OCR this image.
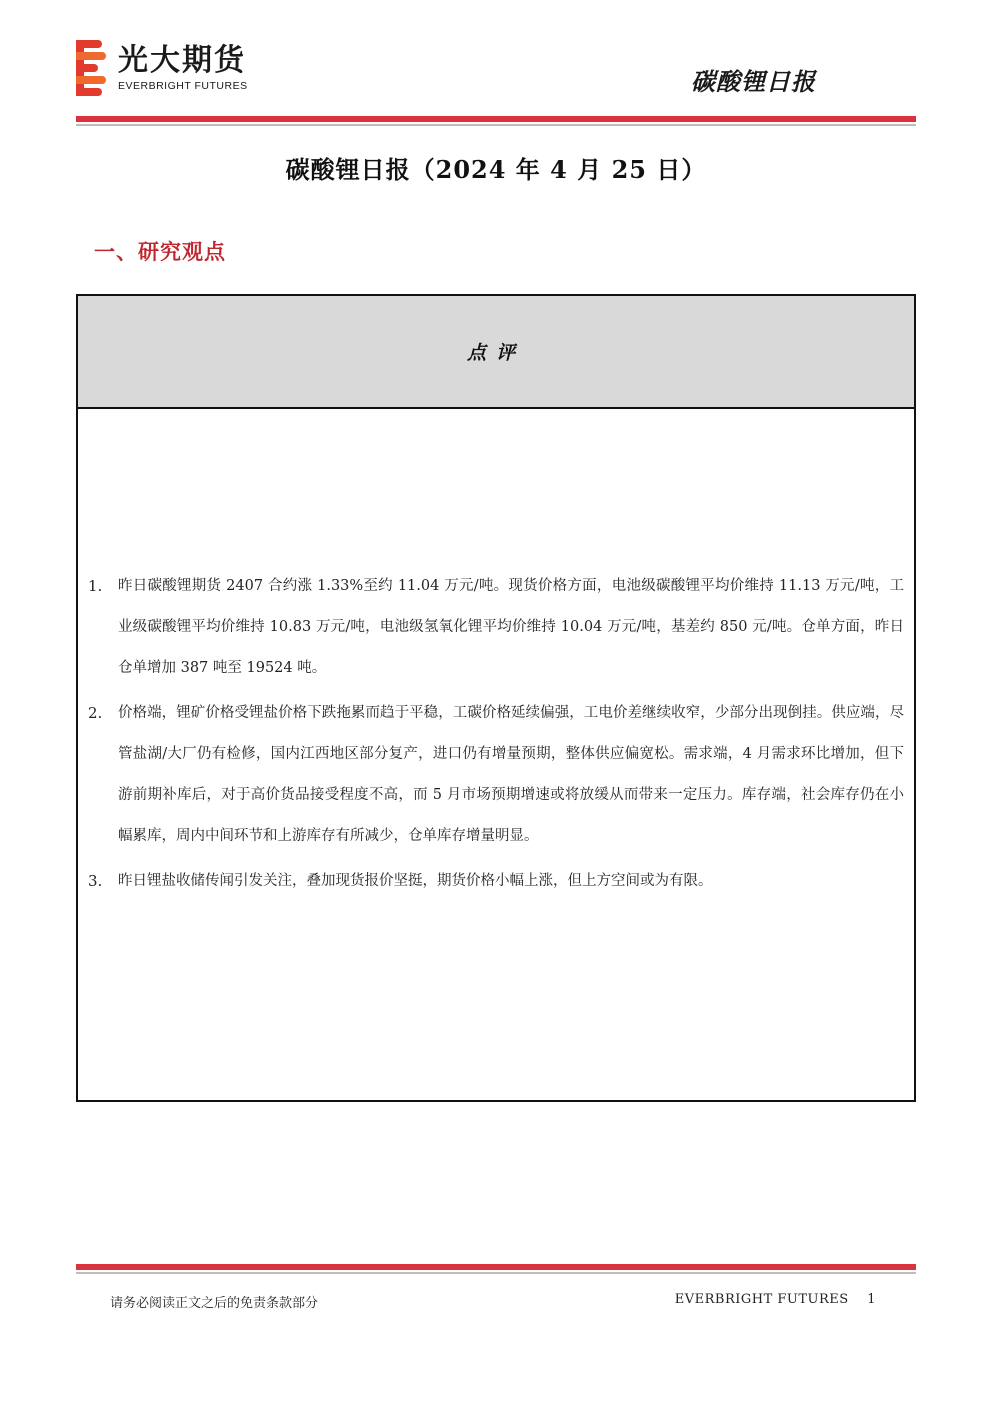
光大期货
EVERBRIGHT FUTURES	碳酸锂日报
碳酸锂日报（2024 年 4 月 25 日）
一、研究观点
点评
1. 昨日碳酸锂期货 2407 合约涨 1.33%至约 11.04 万元/吨。现货价格方面，电池级碳酸锂平均价维持 11.13 万元/吨，工业级碳酸锂平均价维持 10.83 万元/吨，电池级氢氧化锂平均价维持 10.04 万元/吨，基差约 850 元/吨。仓单方面，昨日仓单增加 387 吨至 19524 吨。
2. 价格端，锂矿价格受锂盐价格下跌拖累而趋于平稳，工碳价格延续偏强，工电价差继续收窄，少部分出现倒挂。供应端，尽管盐湖/大厂仍有检修，国内江西地区部分复产，进口仍有增量预期，整体供应偏宽松。需求端，4 月需求环比增加，但下游前期补库后，对于高价货品接受程度不高，而 5 月市场预期增速或将放缓从而带来一定压力。库存端，社会库存仍在小幅累库，周内中间环节和上游库存有所减少，仓单库存增量明显。
3. 昨日锂盐收储传闻引发关注，叠加现货报价坚挺，期货价格小幅上涨，但上方空间或为有限。
请务必阅读正文之后的免责条款部分	EVERBRIGHT FUTURES 1
